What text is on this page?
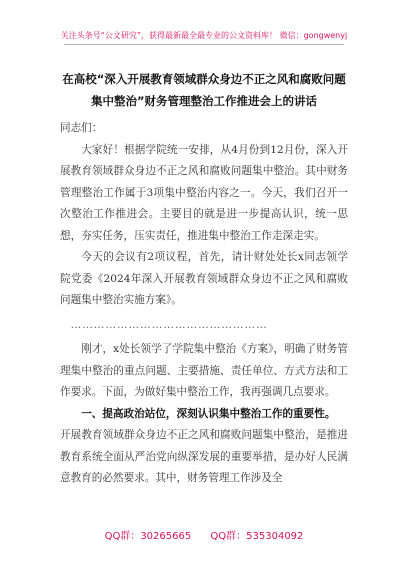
关注头条号“公文研究”，获得最新最全最专业的公文资料库！ 微信：gongwenyj
在高校“深入开展教育领域群众身边不正之风和腐败问题
集中整治”财务管理整治工作推进会上的讲话

同志们：

大家好！根据学院统一安排，从4月份到12月份，深入开展教育领域群众身边不正之风和腐败问题集中整治。其中财务管理整治工作属于3项集中整治内容之一。今天，我们召开一次整治工作推进会。主要目的就是进一步提高认识，统一思想，夯实任务，压实责任，推进集中整治工作走深走实。

今天的会议有2项议程，首先，请计财处处长x同志领学院党委《2024年深入开展教育领域群众身边不正之风和腐败问题集中整治实施方案》。

……………………………………………

刚才，x处长领学了学院集中整治《方案》，明确了财务管理集中整治的重点问题、主要措施、责任单位、方式方法和工作要求。下面，为做好集中整治工作，我再强调几点要求。

一、提高政治站位，深刻认识集中整治工作的重要性。

开展教育领域群众身边不正之风和腐败问题集中整治，是推进教育系统全面从严治党向纵深发展的重要举措，是办好人民满意教育的必然要求。其中，财务管理工作涉及全

QQ群：30265665 QQ群：535304092
